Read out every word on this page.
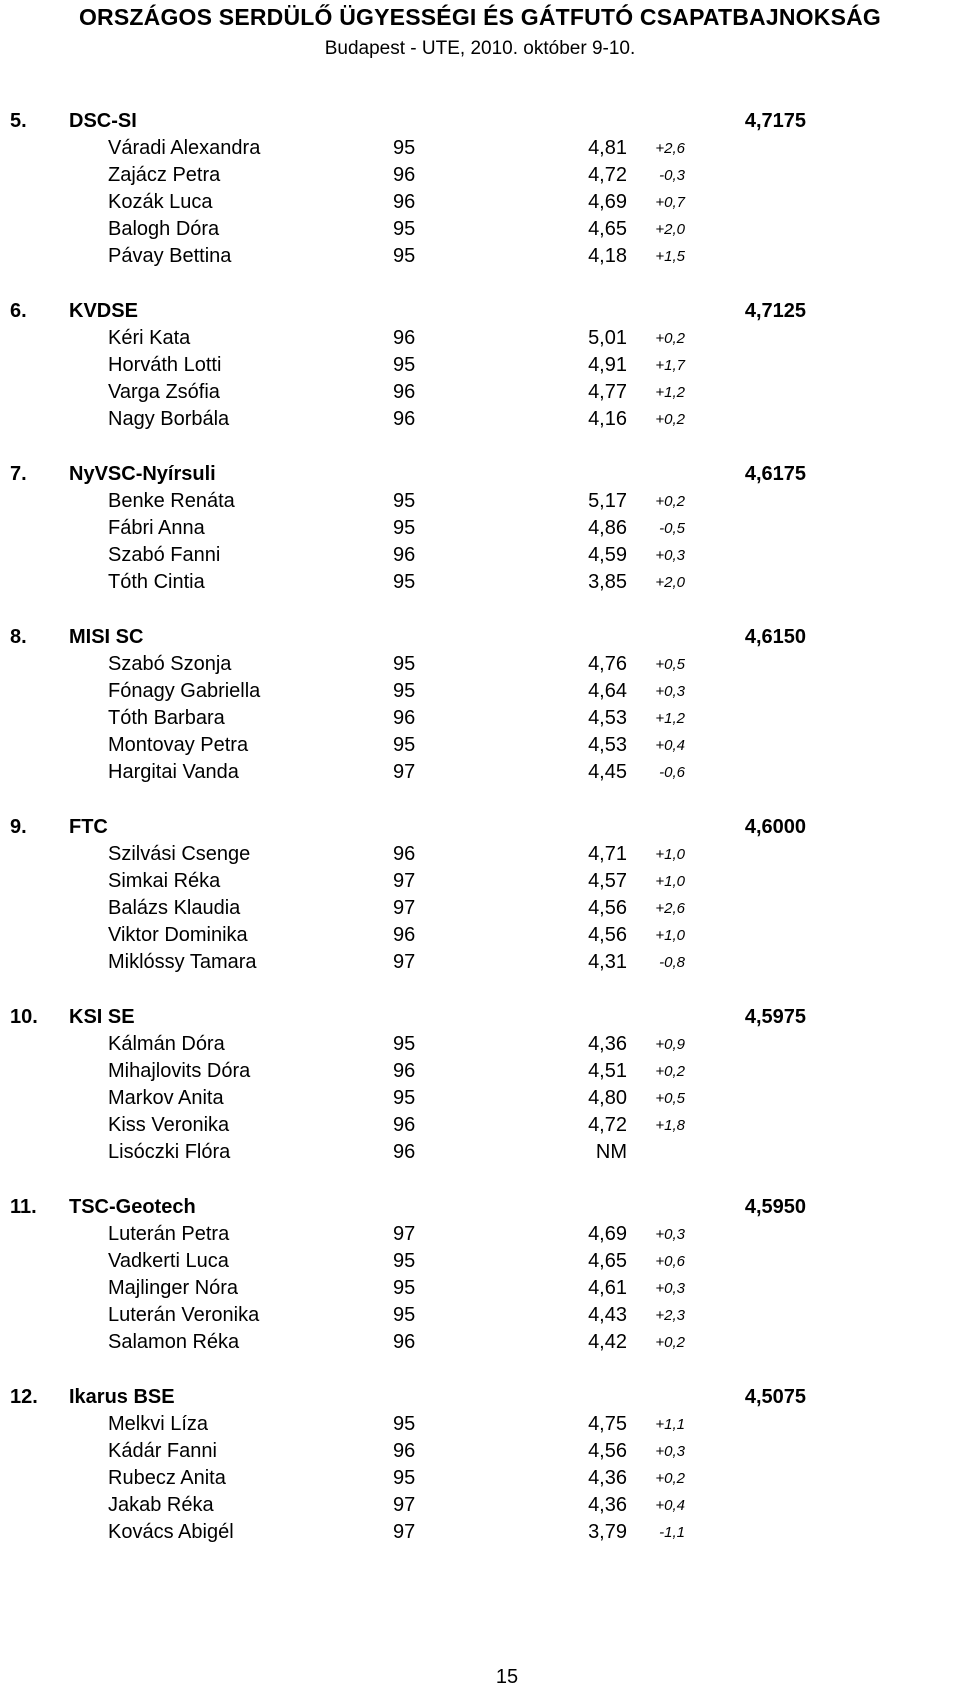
ORSZÁGOS SERDÜLŐ ÜGYESSÉGI ÉS GÁTFUTÓ CSAPATBAJNOKSÁG
Budapest - UTE, 2010. október 9-10.
5. DSC-SI	4,7175
Váradi Alexandra	95	4,81 +2,6
Zajácz Petra	96	4,72 -0,3
Kozák Luca	96	4,69 +0,7
Balogh Dóra	95	4,65 +2,0
Pávay Bettina	95	4,18 +1,5
6. KVDSE	4,7125
Kéri Kata	96	5,01 +0,2
Horváth Lotti	95	4,91 +1,7
Varga Zsófia	96	4,77 +1,2
Nagy Borbála	96	4,16 +0,2
7. NyVSC-Nyírsuli	4,6175
Benke Renáta	95	5,17 +0,2
Fábri Anna	95	4,86 -0,5
Szabó Fanni	96	4,59 +0,3
Tóth Cintia	95	3,85 +2,0
8. MISI SC	4,6150
Szabó Szonja	95	4,76 +0,5
Fónagy Gabriella	95	4,64 +0,3
Tóth Barbara	96	4,53 +1,2
Montovay Petra	95	4,53 +0,4
Hargitai Vanda	97	4,45 -0,6
9. FTC	4,6000
Szilvási Csenge	96	4,71 +1,0
Simkai Réka	97	4,57 +1,0
Balázs Klaudia	97	4,56 +2,6
Viktor Dominika	96	4,56 +1,0
Miklóssy Tamara	97	4,31 -0,8
10. KSI SE	4,5975
Kálmán Dóra	95	4,36 +0,9
Mihajlovits Dóra	96	4,51 +0,2
Markov Anita	95	4,80 +0,5
Kiss Veronika	96	4,72 +1,8
Lisóczki Flóra	96	NM
11. TSC-Geotech	4,5950
Luterán Petra	97	4,69 +0,3
Vadkerti Luca	95	4,65 +0,6
Majlinger Nóra	95	4,61 +0,3
Luterán Veronika	95	4,43 +2,3
Salamon Réka	96	4,42 +0,2
12. Ikarus BSE	4,5075
Melkvi Líza	95	4,75 +1,1
Kádár Fanni	96	4,56 +0,3
Rubecz Anita	95	4,36 +0,2
Jakab Réka	97	4,36 +0,4
Kovács Abigél	97	3,79 -1,1
15
